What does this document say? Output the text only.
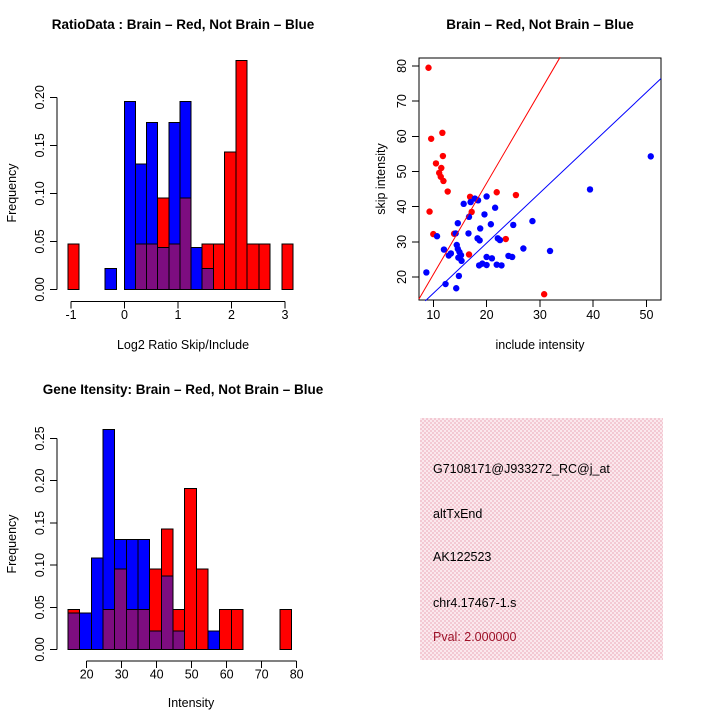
RatioData : Brain – Red, Not Brain – Blue
Log2 Ratio Skip/Include
Frequency
0.00
0.05
0.10
0.15
0.20
-1	0	1	2	3
Brain – Red, Not Brain – Blue
include intensity
skip intensity
10	20	30	40	50
20
30
40
50
60
70
80
Gene Itensity: Brain – Red, Not Brain – Blue
Intensity
Frequency
0.00
0.05
0.10
0.15
0.20
0.25
20 30 40 50 60 70 80
G7108171@J933272_RC@j_at
altTxEnd
AK122523
chr4.17467-1.s
Pval: 2.000000
